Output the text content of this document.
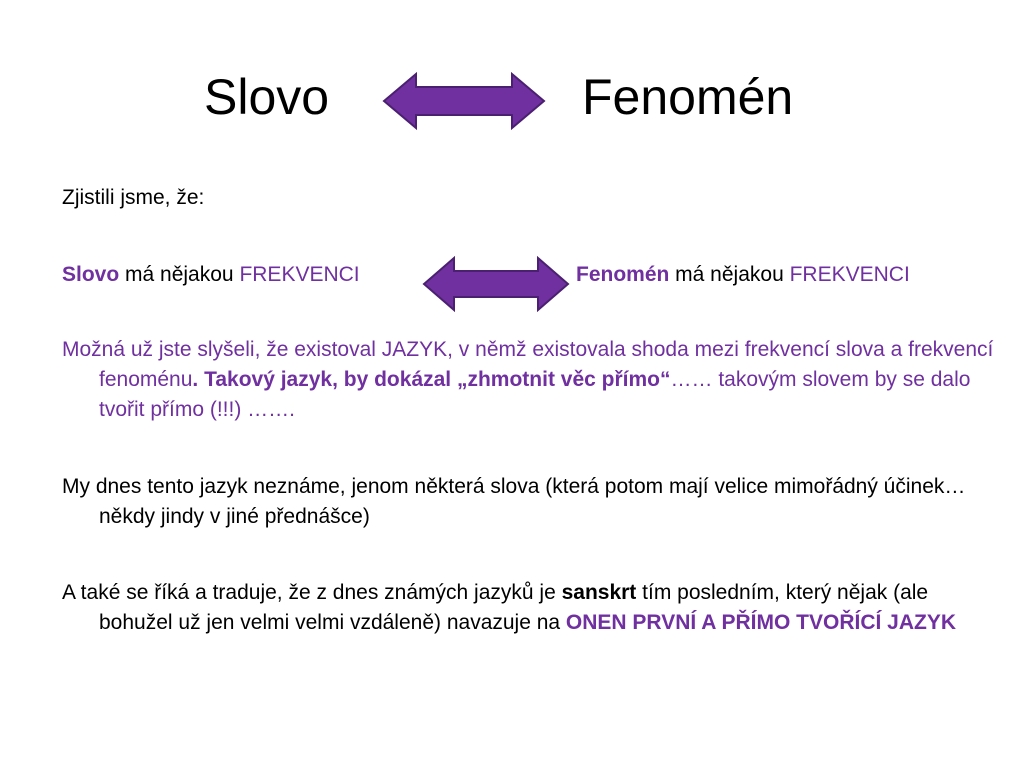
Slovo	Fenomén
Zjistili jsme, že:
Slovo má nějakou FREKVENCI	Fenomén má nějakou FREKVENCI
Možná už jste slyšeli, že existoval JAZYK, v němž existovala shoda mezi frekvencí slova a frekvencí fenoménu. Takový jazyk, by dokázal „zhmotnit věc přímo“…… takovým slovem by se dalo tvořit přímo (!!!) …….
My dnes tento jazyk neznáme, jenom některá slova (která potom mají velice mimořádný účinek…někdy jindy v jiné přednášce)
A také se říká a traduje, že z dnes známých jazyků je sanskrt tím posledním, který nějak (ale bohužel už jen velmi velmi vzdáleně) navazuje na ONEN PRVNÍ A PŘÍMO TVOŘÍCÍ JAZYK
